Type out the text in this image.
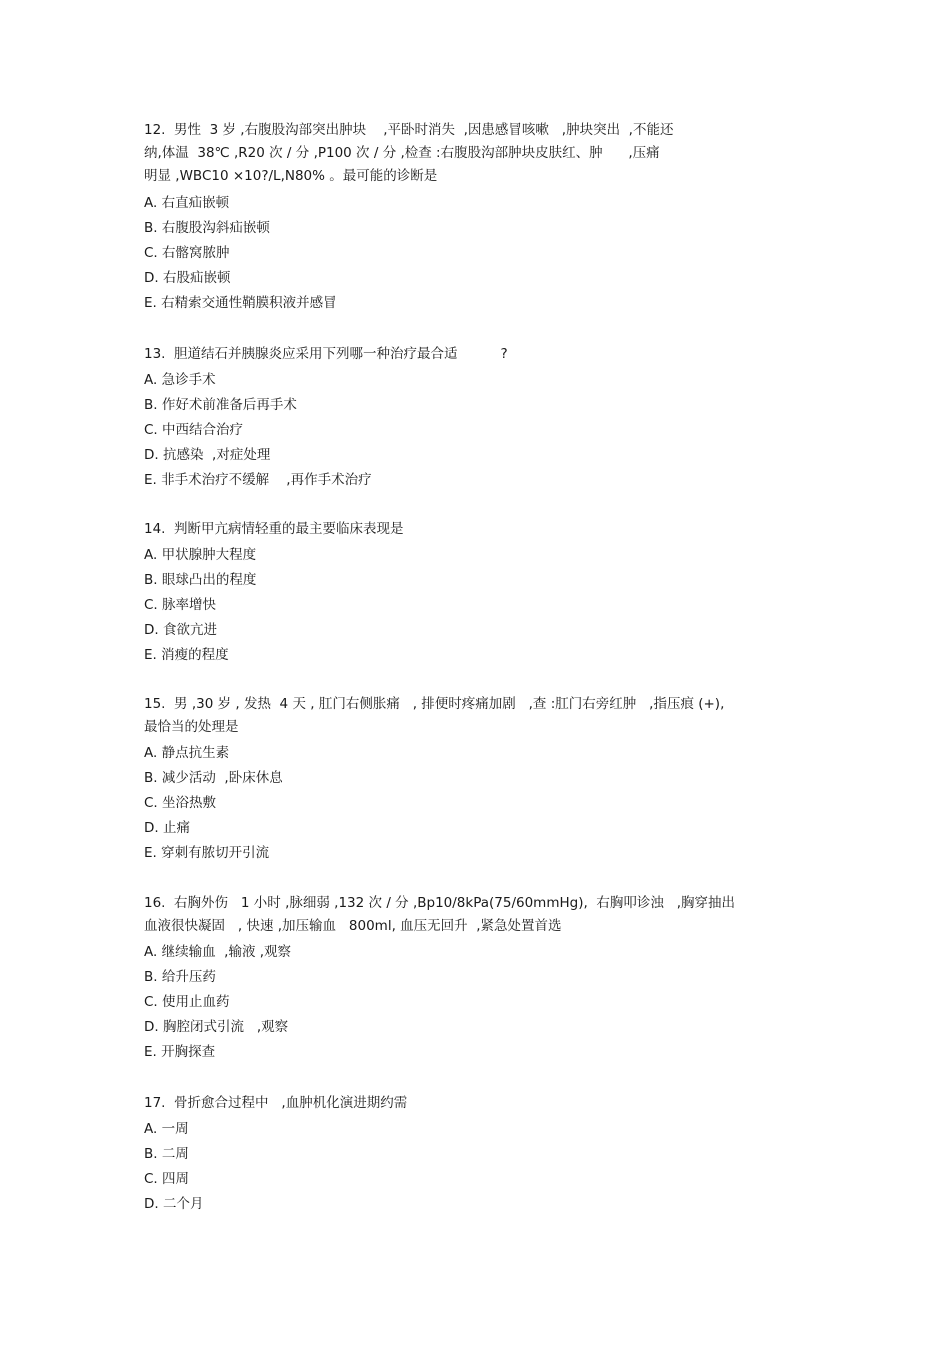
12.  男性  3 岁 ,右腹股沟部突出肿块    ,平卧时消失  ,因患感冒咳嗽   ,肿块突出  ,不能还
纳,体温  38℃ ,R20 次 / 分 ,P100 次 / 分 ,检查 :右腹股沟部肿块皮肤红、肿      ,压痛
明显 ,WBC10 ×10?/L,N80% 。最可能的诊断是
A. 右直疝嵌顿
B. 右腹股沟斜疝嵌顿
C. 右髂窝脓肿
D. 右股疝嵌顿
E. 右精索交通性鞘膜积液并感冒
13.  胆道结石并胰腺炎应采用下列哪一种治疗最合适          ?
A. 急诊手术
B. 作好术前准备后再手术
C. 中西结合治疗
D. 抗感染  ,对症处理
E. 非手术治疗不缓解    ,再作手术治疗
14.  判断甲亢病情轻重的最主要临床表现是
A. 甲状腺肿大程度
B. 眼球凸出的程度
C. 脉率增快
D. 食欲亢进
E. 消瘦的程度
15.  男 ,30 岁 , 发热  4 天 , 肛门右侧胀痛   , 排便时疼痛加剧   ,查 :肛门右旁红肿   ,指压痕 (+),
最恰当的处理是
A. 静点抗生素
B. 减少活动  ,卧床休息
C. 坐浴热敷
D. 止痛
E. 穿刺有脓切开引流
16.  右胸外伤   1 小时 ,脉细弱 ,132 次 / 分 ,Bp10/8kPa(75/60mmHg),  右胸叩诊浊   ,胸穿抽出
血液很快凝固   , 快速 ,加压输血   800ml, 血压无回升  ,紧急处置首选
A. 继续输血  ,输液 ,观察
B. 给升压药
C. 使用止血药
D. 胸腔闭式引流   ,观察
E. 开胸探查
17.  骨折愈合过程中   ,血肿机化演进期约需
A. 一周
B. 二周
C. 四周
D. 二个月
